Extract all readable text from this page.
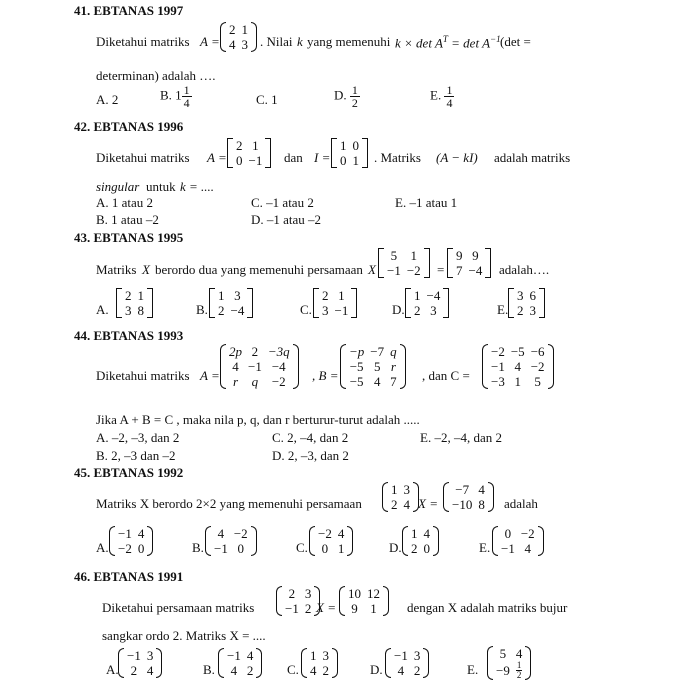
41. EBTANAS 1997
Diketahui matriks A =
2	1
4	3 . Nilai k yang memenuhi $k \times \det A^T = \det A^{-1}$ (det =
determinan) adalah ….
A. 2	B. $1 \frac{1}{4}$	C. 1	D. $\frac{1}{2}$	E. $\frac{1}{4}$
42. EBTANAS 1996
Diketahui matriks A =
2	1
0	−1 dan I =
1	0
0	1 . Matriks (A − kI) adalah matriks
singular untuk k = ....
A. 1 atau 2
B. 1 atau –2
C. –1 atau 2
D. –1 atau –2
E. –1 atau 1
43. EBTANAS 1995
Matriks X berordo dua yang memenuhi persamaan X
5	1
−1	−2 =
9	9
7	−4 adalah….
A.
2	1
3	8	B.
1	3
2	−4	C.
2	1
3	−1	D.
1	−4
2	3	E.
3	6
2	3
44. EBTANAS 1993
Diketahui matriks A =
2p	2	−3q
4	−1	−4
r	q	−2 , B =
−p	−7	q
−5	5	r
−5	4	7 , dan C =
−2	−5	−6
−1	4	−2
−3	1	5
Jika A + B = C , maka nila p, q, dan r berturur-turut adalah .....
A. –2, –3, dan 2
B. 2, –3 dan –2
C. 2, –4, dan 2
D. 2, –3, dan 2
E. –2, –4, dan 2
45. EBTANAS 1992
Matriks X berordo 2×2 yang memenuhi persamaan
1	3
2	4 X =
−7	4
−10	8 adalah
A.
−1	4
−2	0	B.
4	−2
−1	0	C.
−2	4
0	1	D.
1	4
2	0	E.
0	−2
−1	4
46. EBTANAS 1991
Diketahui persamaan matriks
2	3
−1	2 X =
10	12
9	1 dengan X adalah matriks bujur
sangkar ordo 2. Matriks X = ....
A.
−1	3
2	4	B.
−1	4
4	2	C.
1	3
4	2	D.
−1	3
4	2	E.
5	4
−9	$\frac{1}{2}$
